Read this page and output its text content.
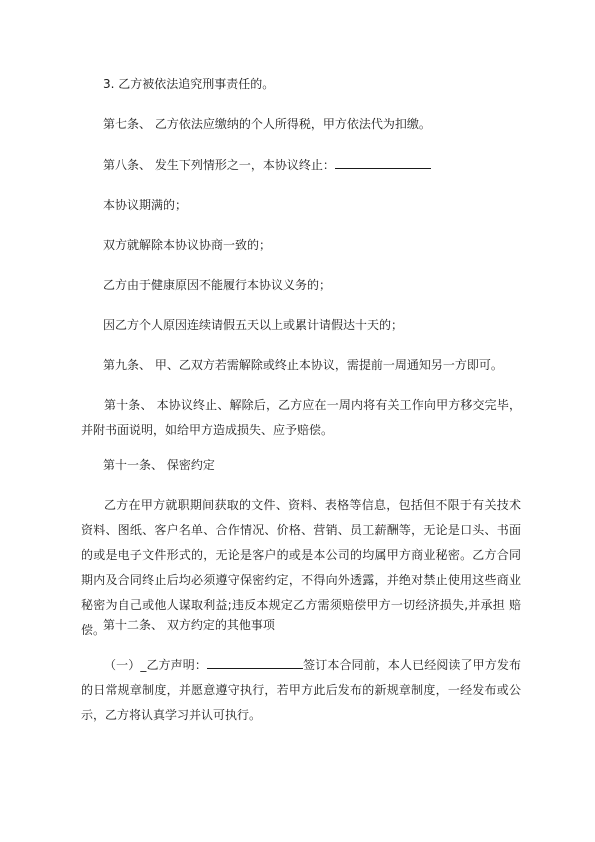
3. 乙方被依法追究刑事责任的。
第七条、 乙方依法应缴纳的个人所得税，甲方依法代为扣缴。
第八条、 发生下列情形之一，本协议终止：
本协议期满的；
双方就解除本协议协商一致的；
乙方由于健康原因不能履行本协议义务的；
因乙方个人原因连续请假五天以上或累计请假达十天的；
第九条、 甲、乙双方若需解除或终止本协议，需提前一周通知另一方即可。
第十条、 本协议终止、解除后，乙方应在一周内将有关工作向甲方移交完毕，并附书面说明，如给甲方造成损失、应予赔偿。
第十一条、 保密约定
乙方在甲方就职期间获取的文件、资料、表格等信息，包括但不限于有关技术资料、图纸、客户名单、合作情况、价格、营销、员工薪酬等，无论是口头、书面的或是电子文件形式的，无论是客户的或是本公司的均属甲方商业秘密。乙方合同期内及合同终止后均必须遵守保密约定，不得向外透露，并绝对禁止使用这些商业秘密为自己或他人谋取利益;违反本规定乙方需须赔偿甲方一切经济损失,并承担 赔偿。
第十二条、 双方约定的其他事项
（一）_乙方声明：	签订本合同前，本人已经阅读了甲方发布的日常规章制度，并愿意遵守执行，若甲方此后发布的新规章制度，一经发布或公示，乙方将认真学习并认可执行。
